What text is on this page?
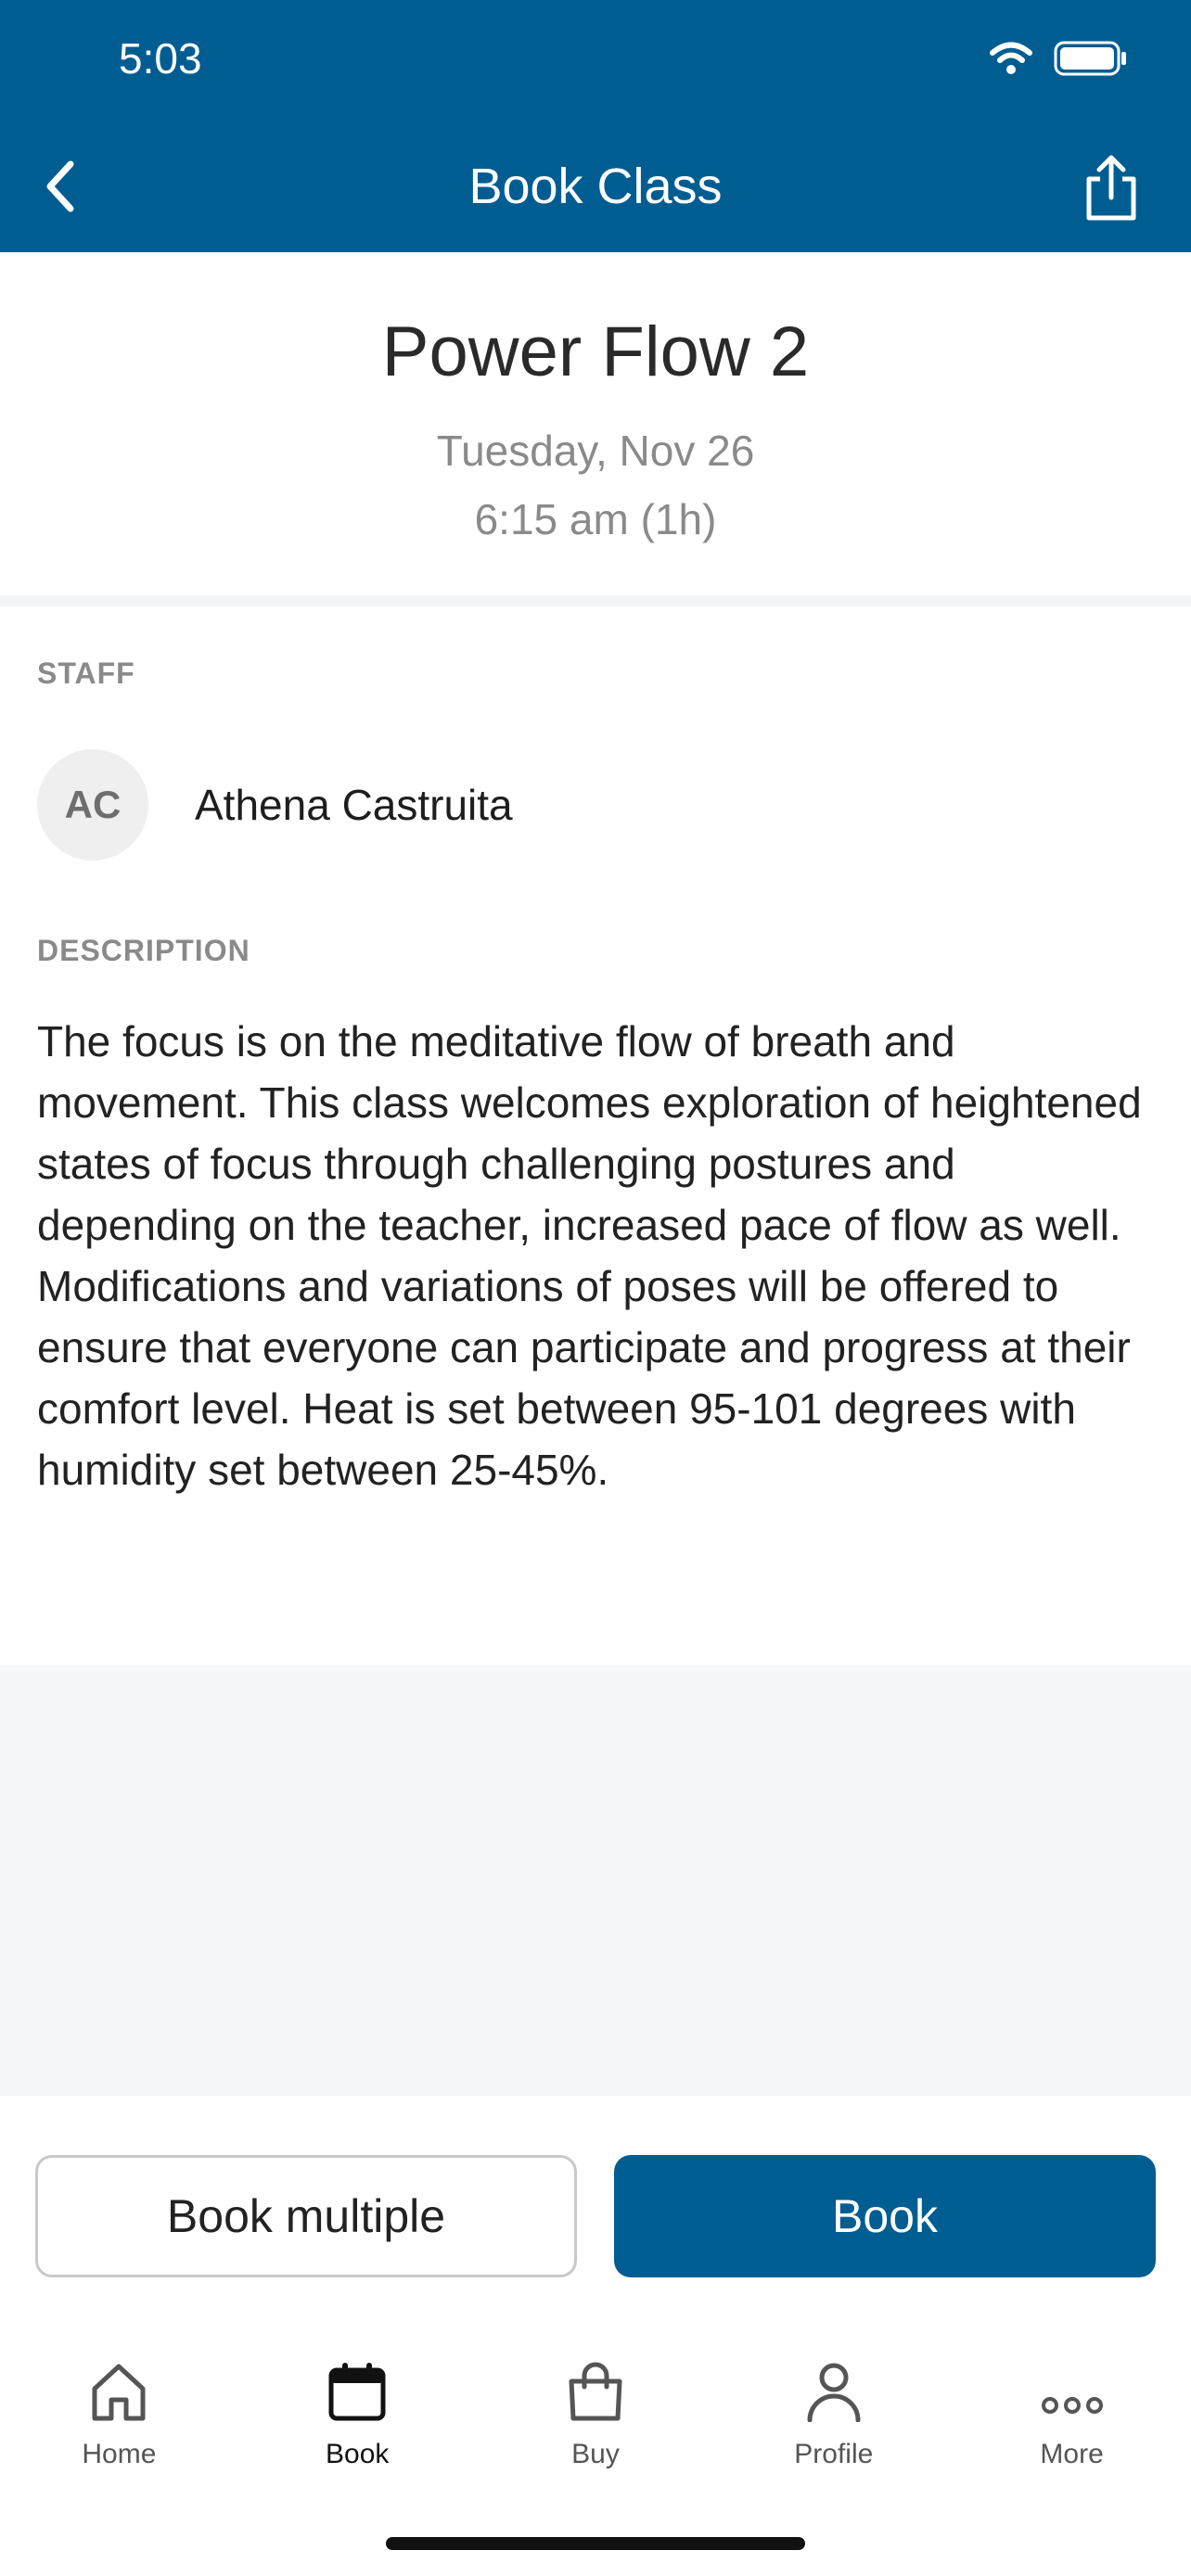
5:03
Book Class
Power Flow 2
Tuesday, Nov 26
6:15 am (1h)
STAFF
AC	Athena Castruita
DESCRIPTION
The focus is on the meditative flow of breath and movement. This class welcomes exploration of heightened states of focus through challenging postures and depending on the teacher, increased pace of flow as well. Modifications and variations of poses will be offered to ensure that everyone can participate and progress at their comfort level. Heat is set between 95-101 degrees with humidity set between 25-45%.
Book multiple	Book
Home	Book	Buy	Profile	More
